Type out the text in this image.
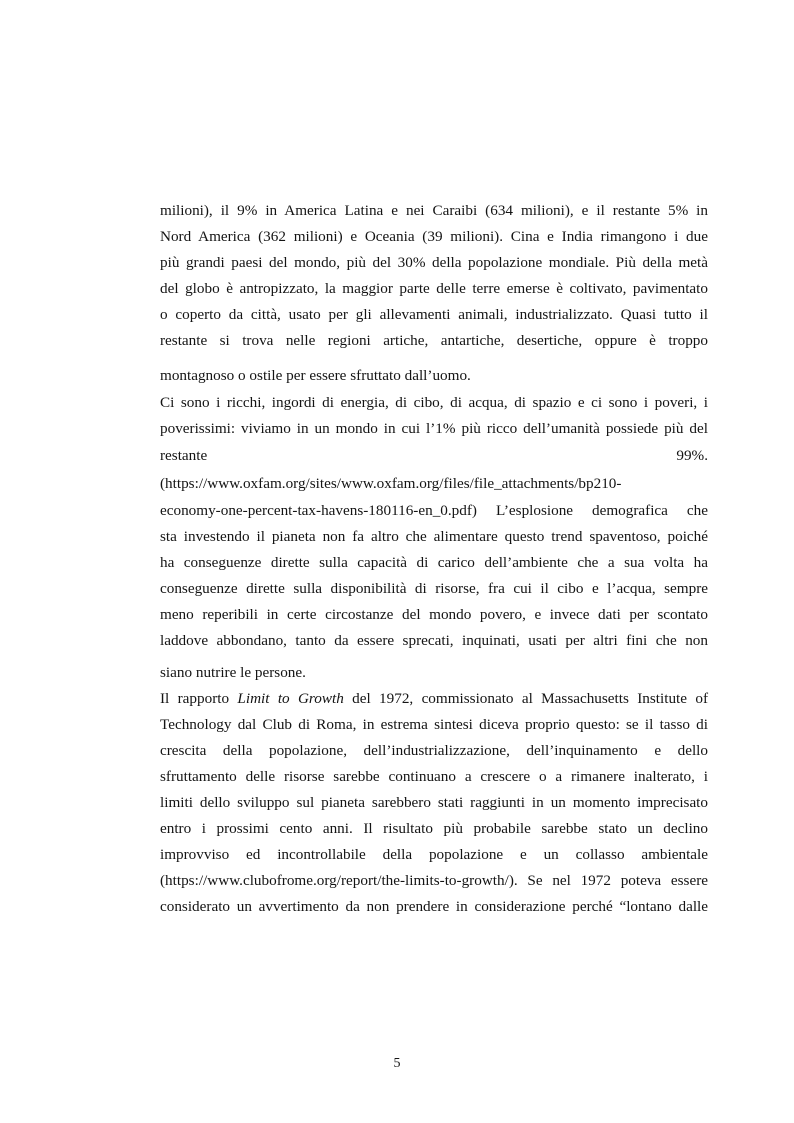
milioni), il 9% in America Latina e nei Caraibi (634 milioni), e il restante 5% in
Nord America (362 milioni) e Oceania (39 milioni). Cina e India rimangono i due
più grandi paesi del mondo, più del 30% della popolazione mondiale. Più della metà
del globo è antropizzato, la maggior parte delle terre emerse è coltivato, pavimentato
o coperto da città, usato per gli allevamenti animali, industrializzato. Quasi tutto il
restante si trova nelle regioni artiche, antartiche, desertiche, oppure è troppo
montagnoso o ostile per essere sfruttato dall’uomo.
Ci sono i ricchi, ingordi di energia, di cibo, di acqua, di spazio e ci sono i poveri, i
poverissimi: viviamo in un mondo in cui l’1% più ricco dell’umanità possiede più del
restante	99%.
(https://www.oxfam.org/sites/www.oxfam.org/files/file_attachments/bp210-
economy-one-percent-tax-havens-180116-en_0.pdf) L’esplosione demografica che
sta investendo il pianeta non fa altro che alimentare questo trend spaventoso, poiché
ha conseguenze dirette sulla capacità di carico dell’ambiente che a sua volta ha
conseguenze dirette sulla disponibilità di risorse, fra cui il cibo e l’acqua, sempre
meno reperibili in certe circostanze del mondo povero, e invece dati per scontato
laddove abbondano, tanto da essere sprecati, inquinati, usati per altri fini che non
siano nutrire le persone.
Il rapporto Limit to Growth del 1972, commissionato al Massachusetts Institute of
Technology dal Club di Roma, in estrema sintesi diceva proprio questo: se il tasso di
crescita della popolazione, dell’industrializzazione, dell’inquinamento e dello
sfruttamento delle risorse sarebbe continuano a crescere o a rimanere inalterato, i
limiti dello sviluppo sul pianeta sarebbero stati raggiunti in un momento imprecisato
entro i prossimi cento anni. Il risultato più probabile sarebbe stato un declino
improvviso ed incontrollabile della popolazione e un collasso ambientale
(https://www.clubofrome.org/report/the-limits-to-growth/). Se nel 1972 poteva essere
considerato un avvertimento da non prendere in considerazione perché “lontano dalle
5
